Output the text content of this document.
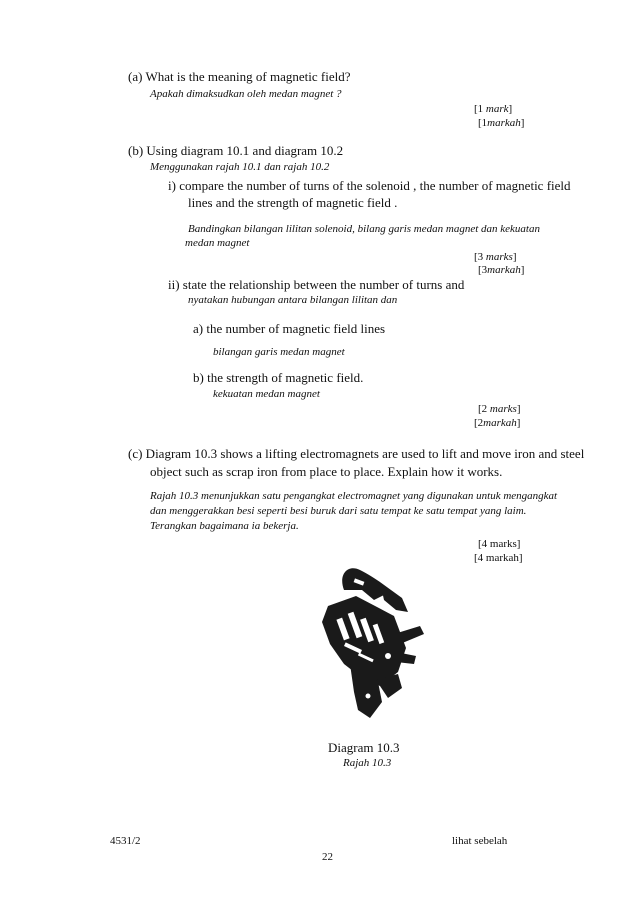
(a) What is the meaning of magnetic field?
Apakah dimaksudkan oleh medan magnet ?
[1 mark]
[1markah]
(b) Using diagram 10.1 and diagram 10.2
Menggunakan rajah 10.1 dan rajah 10.2
i) compare the number of turns of the solenoid , the number of magnetic field
lines and the strength of magnetic field .
Bandingkan bilangan lilitan solenoid, bilang garis medan magnet dan kekuatan
medan magnet
[3 marks]
[3markah]
ii) state the relationship between the number of turns and
nyatakan hubungan antara bilangan lilitan dan
a) the number of magnetic field lines
bilangan garis medan magnet
b) the strength of magnetic field.
kekuatan medan magnet
[2 marks]
[2markah]
(c) Diagram 10.3 shows a lifting electromagnets are used to lift and move iron and steel
object such as scrap iron from place to place. Explain how it works.
Rajah 10.3 menunjukkan satu pengangkat electromagnet yang digunakan untuk mengangkat
dan menggerakkan besi seperti besi buruk dari satu tempat ke satu tempat yang laim.
Terangkan bagaimana ia bekerja.
[4 marks]
[4 markah]
Diagram 10.3
Rajah 10.3
4531/2	lihat sebelah
22
